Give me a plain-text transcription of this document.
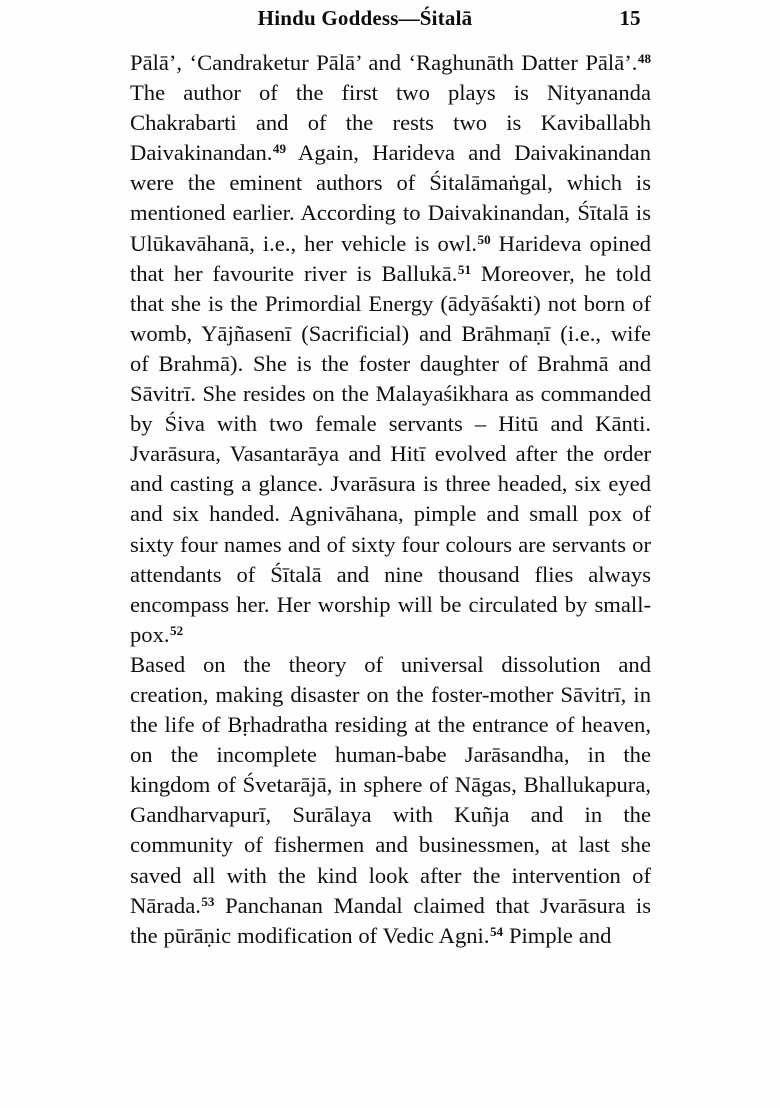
Hindu Goddess—Śitalā	15

Pālā’, ‘Candraketur Pālā’ and ‘Raghunāth Datter Pālā’.$^{48}$ The author of the first two plays is Nityananda Chakrabarti and of the rests two is Kaviballabh Daivakinandan.$^{49}$ Again, Harideva and Daivakinandan were the eminent authors of Śitalāmaṅgal, which is mentioned earlier. According to Daivakinandan, Śītalā is Ulūkavāhanā, i.e., her vehicle is owl.$^{50}$ Harideva opined that her favourite river is Ballukā.$^{51}$ Moreover, he told that she is the Primordial Energy (ādyāśakti) not born of womb, Yājñasenī (Sacrificial) and Brāhmaṇī (i.e., wife of Brahmā). She is the foster daughter of Brahmā and Sāvitrī. She resides on the Malayaśikhara as commanded by Śiva with two female servants – Hitū and Kānti. Jvarāsura, Vasantarāya and Hitī evolved after the order and casting a glance. Jvarāsura is three headed, six eyed and six handed. Agnivāhana, pimple and small pox of sixty four names and of sixty four colours are servants or attendants of Śītalā and nine thousand flies always encompass her. Her worship will be circulated by small-pox.$^{52}$

Based on the theory of universal dissolution and creation, making disaster on the foster-mother Sāvitrī, in the life of Bṛhadratha residing at the entrance of heaven, on the incomplete human-babe Jarāsandha, in the kingdom of Śvetarājā, in sphere of Nāgas, Bhallukapura, Gandharvapurī, Surālaya with Kuñja and in the community of fishermen and businessmen, at last she saved all with the kind look after the intervention of Nārada.$^{53}$ Panchanan Mandal claimed that Jvarāsura is the pūrāṇic modification of Vedic Agni.$^{54}$ Pimple and
